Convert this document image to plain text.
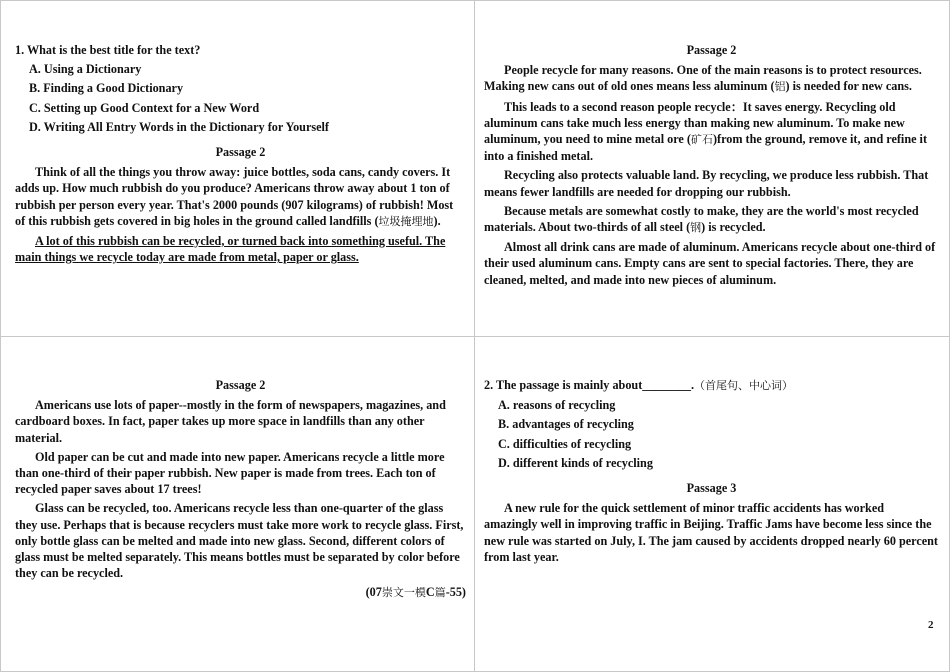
1. What is the best title for the text?
A. Using a Dictionary
B. Finding a Good Dictionary
C. Setting up Good Context for a New Word
D. Writing All Entry Words in the Dictionary for Yourself
Passage 2

Think of all the things you throw away: juice bottles, soda cans, candy covers. It adds up. How much rubbish do you produce? Americans throw away about 1 ton of rubbish per person every year. That's 2000 pounds (907 kilograms) of rubbish! Most of this rubbish gets covered in big holes in the ground called landfills (垃圾掩埋地).

A lot of this rubbish can be recycled, or turned back into something useful. The main things we recycle today are made from metal, paper or glass.

Passage 2

People recycle for many reasons. One of the main reasons is to protect resources. Making new cans out of old ones means less aluminum (铝) is needed for new cans.

This leads to a second reason people recycle：It saves energy. Recycling old aluminum cans take much less energy than making new aluminum. To make new aluminum, you need to mine metal ore (矿石)from the ground, remove it, and refine it into a finished metal.

Recycling also protects valuable land. By recycling, we produce less rubbish. That means fewer landfills are needed for dropping our rubbish.

Because metals are somewhat costly to make, they are the world's most recycled materials. About two-thirds of all steel (钢) is recycled.

Almost all drink cans are made of aluminum. Americans recycle about one-third of their used aluminum cans. Empty cans are sent to special factories. There, they are cleaned, melted, and made into new pieces of aluminum.

Passage 2

Americans use lots of paper--mostly in the form of newspapers, magazines, and cardboard boxes. In fact, paper takes up more space in landfills than any other material.

Old paper can be cut and made into new paper. Americans recycle a little more than one-third of their paper rubbish. New paper is made from trees. Each ton of recycled paper saves about 17 trees!

Glass can be recycled, too. Americans recycle less than one-quarter of the glass they use. Perhaps that is because recyclers must take more work to recycle glass. First, only bottle glass can be melted and made into new glass. Second, different colors of glass must be melted separately. This means bottles must be separated by color before they can be recycled.

(07崇文一模C篇-55)
2. The passage is mainly about________.（首尾句、中心词）
A. reasons of recycling
B. advantages of recycling
C. difficulties of recycling
D. different kinds of recycling
Passage 3

A new rule for the quick settlement of minor traffic accidents has worked amazingly well in improving traffic in Beijing. Traffic Jams have become less since the new rule was started on July, I. The jam caused by accidents dropped nearly 60 percent from last year.

2
